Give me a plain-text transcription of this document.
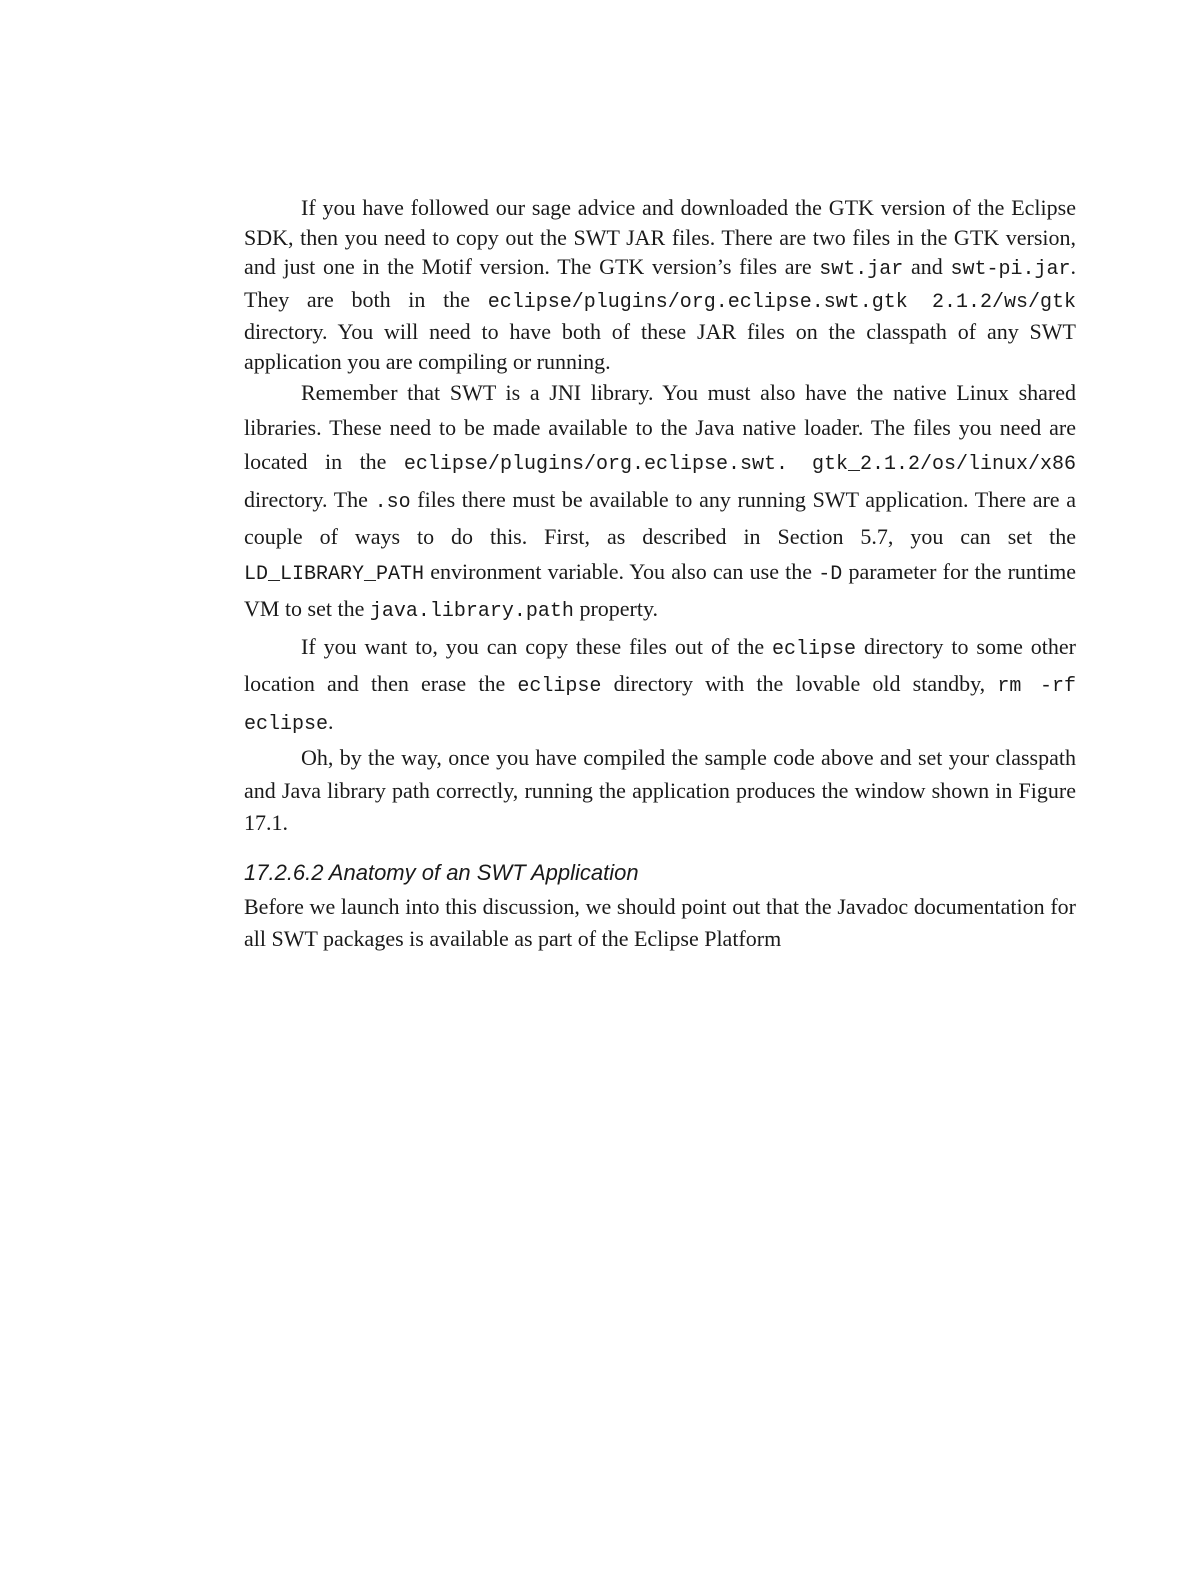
If you have followed our sage advice and downloaded the GTK version of the Eclipse SDK, then you need to copy out the SWT JAR files. There are two files in the GTK version, and just one in the Motif version. The GTK version’s files are swt.jar and swt-pi.jar. They are both in the eclipse/plugins/org.eclipse.swt.gtk 2.1.2/ws/gtk directory. You will need to have both of these JAR files on the classpath of any SWT application you are compiling or running.

Remember that SWT is a JNI library. You must also have the native Linux shared libraries. These need to be made available to the Java native loader. The files you need are located in the eclipse/plugins/org.eclipse.swt. gtk_2.1.2/os/linux/x86 directory. The .so files there must be available to any running SWT application. There are a couple of ways to do this. First, as described in Section 5.7, you can set the LD_LIBRARY_PATH environment variable. You also can use the -D parameter for the runtime VM to set the java.library.path property.

If you want to, you can copy these files out of the eclipse directory to some other location and then erase the eclipse directory with the lovable old standby, rm -rf eclipse.

Oh, by the way, once you have compiled the sample code above and set your classpath and Java library path correctly, running the application produces the window shown in Figure 17.1.

17.2.6.2 Anatomy of an SWT Application

Before we launch into this discussion, we should point out that the Javadoc documentation for all SWT packages is available as part of the Eclipse Platform
